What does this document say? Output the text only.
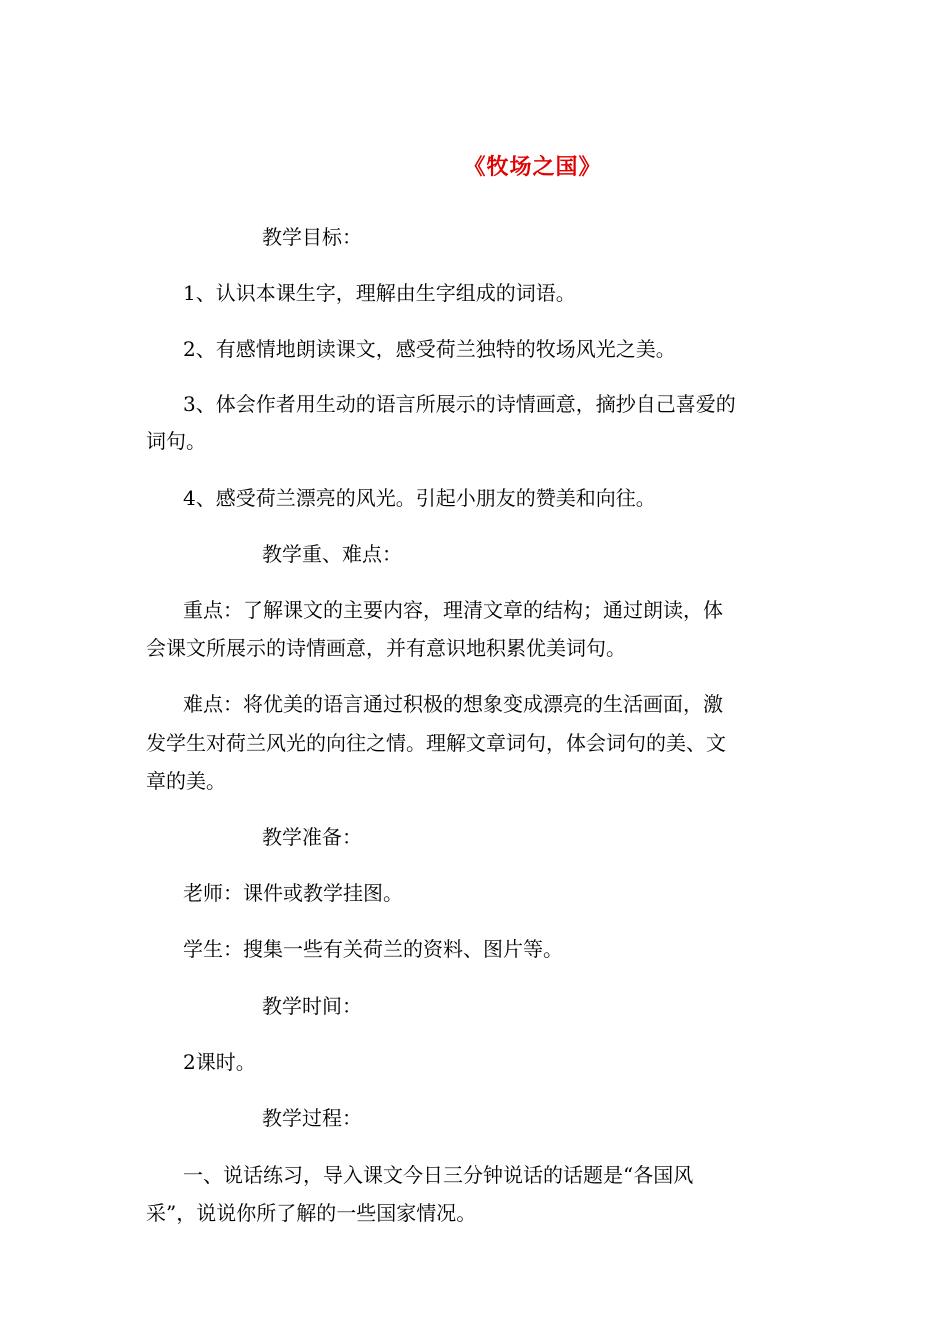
《牧场之国》
教学目标：
1、认识本课生字，理解由生字组成的词语。
2、有感情地朗读课文，感受荷兰独特的牧场风光之美。
3、体会作者用生动的语言所展示的诗情画意，摘抄自己喜爱的
词句。
4、感受荷兰漂亮的风光。引起小朋友的赞美和向往。
教学重、难点：
重点：了解课文的主要内容，理清文章的结构；通过朗读，体
会课文所展示的诗情画意，并有意识地积累优美词句。
难点：将优美的语言通过积极的想象变成漂亮的生活画面，激
发学生对荷兰风光的向往之情。理解文章词句，体会词句的美、文
章的美。
教学准备：
老师：课件或教学挂图。
学生：搜集一些有关荷兰的资料、图片等。
教学时间：
2课时。
教学过程：
一、说话练习，导入课文今日三分钟说话的话题是“各国风
采”，说说你所了解的一些国家情况。
